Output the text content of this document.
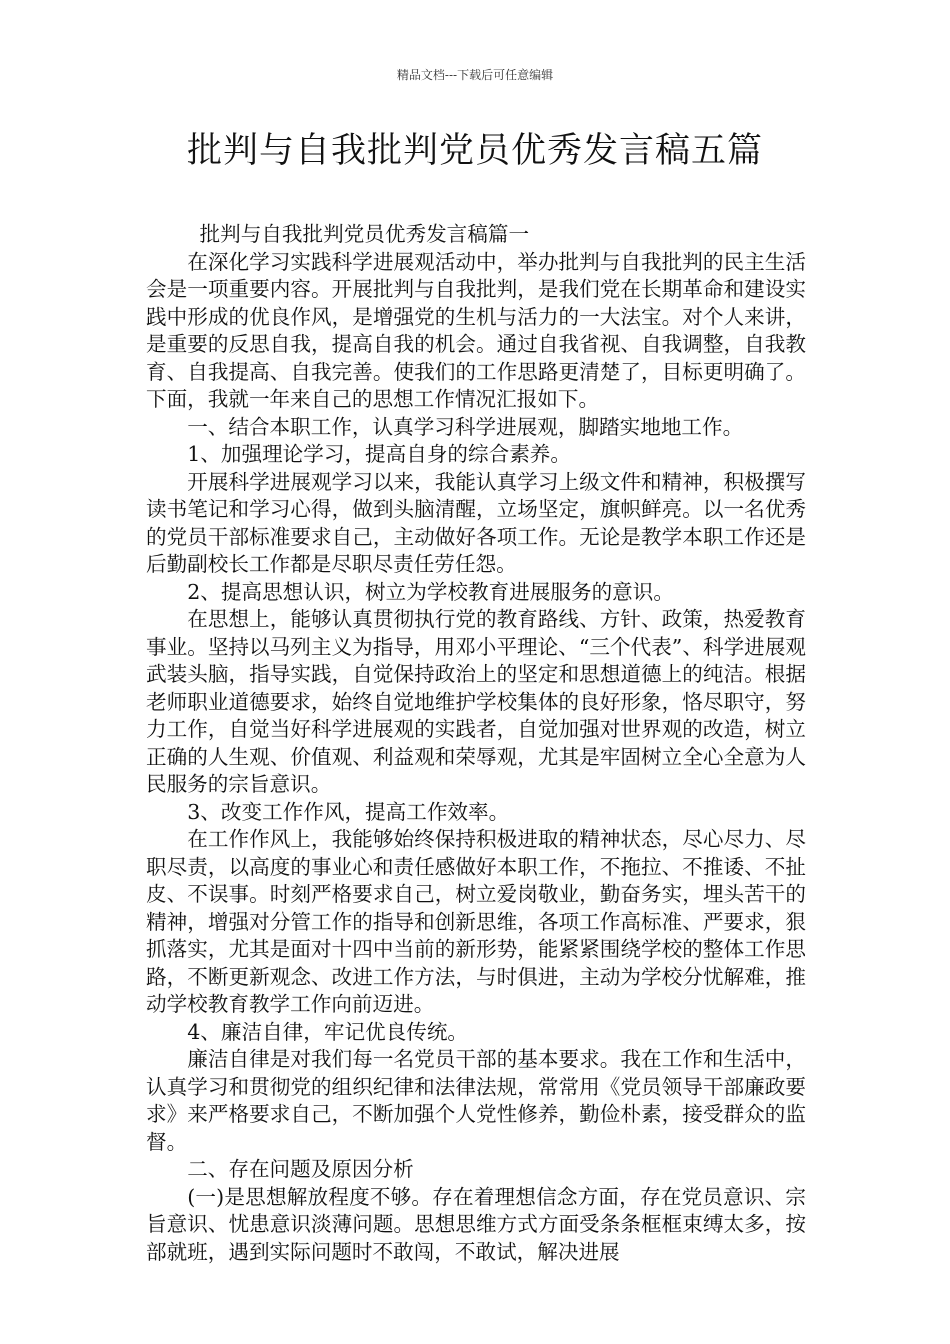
精品文档---下载后可任意编辑
批判与自我批判党员优秀发言稿五篇

批判与自我批判党员优秀发言稿篇一

在深化学习实践科学进展观活动中，举办批判与自我批判的民主生活会是一项重要内容。开展批判与自我批判，是我们党在长期革命和建设实践中形成的优良作风，是增强党的生机与活力的一大法宝。对个人来讲，是重要的反思自我，提高自我的机会。通过自我省视、自我调整，自我教育、自我提高、自我完善。使我们的工作思路更清楚了，目标更明确了。下面，我就一年来自己的思想工作情况汇报如下。

一、结合本职工作，认真学习科学进展观，脚踏实地地工作。

1、加强理论学习，提高自身的综合素养。

开展科学进展观学习以来，我能认真学习上级文件和精神，积极撰写读书笔记和学习心得，做到头脑清醒，立场坚定，旗帜鲜亮。以一名优秀的党员干部标准要求自己，主动做好各项工作。无论是教学本职工作还是后勤副校长工作都是尽职尽责任劳任怨。

2、提高思想认识，树立为学校教育进展服务的意识。

在思想上，能够认真贯彻执行党的教育路线、方针、政策，热爱教育事业。坚持以马列主义为指导，用邓小平理论、“三个代表”、科学进展观武装头脑，指导实践，自觉保持政治上的坚定和思想道德上的纯洁。根据老师职业道德要求，始终自觉地维护学校集体的良好形象，恪尽职守，努力工作，自觉当好科学进展观的实践者，自觉加强对世界观的改造，树立正确的人生观、价值观、利益观和荣辱观，尤其是牢固树立全心全意为人民服务的宗旨意识。

3、改变工作作风，提高工作效率。

在工作作风上，我能够始终保持积极进取的精神状态，尽心尽力、尽职尽责，以高度的事业心和责任感做好本职工作，不拖拉、不推诿、不扯皮、不误事。时刻严格要求自己，树立爱岗敬业，勤奋务实，埋头苦干的精神，增强对分管工作的指导和创新思维，各项工作高标准、严要求，狠抓落实，尤其是面对十四中当前的新形势，能紧紧围绕学校的整体工作思路，不断更新观念、改进工作方法，与时俱进，主动为学校分忧解难，推动学校教育教学工作向前迈进。

4、廉洁自律，牢记优良传统。

廉洁自律是对我们每一名党员干部的基本要求。我在工作和生活中，认真学习和贯彻党的组织纪律和法律法规，常常用《党员领导干部廉政要求》来严格要求自己，不断加强个人党性修养，勤俭朴素，接受群众的监督。

二、存在问题及原因分析

(一)是思想解放程度不够。存在着理想信念方面，存在党员意识、宗旨意识、忧患意识淡薄问题。思想思维方式方面受条条框框束缚太多，按部就班，遇到实际问题时不敢闯，不敢试，解决进展
